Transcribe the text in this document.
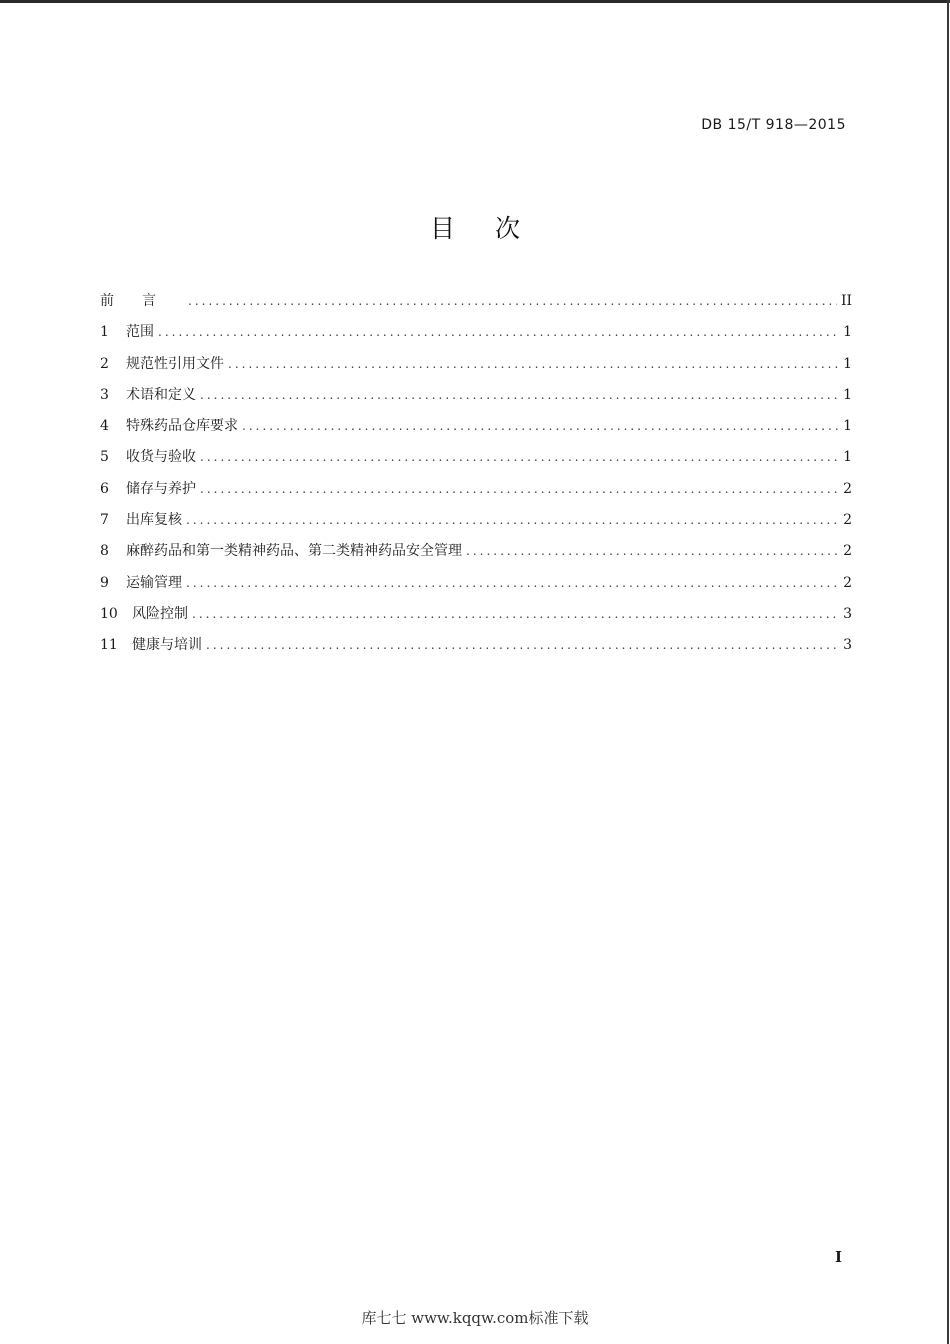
DB 15/T 918—2015
目次
前言 .....	II
1	范围 .....	1
2	规范性引用文件 .....	1
3	术语和定义 .....	1
4	特殊药品仓库要求 .....	1
5	收货与验收 .....	1
6	储存与养护 .....	2
7	出库复核 .....	2
8	麻醉药品和第一类精神药品、第二类精神药品安全管理 .....	2
9	运输管理 .....	2
10	风险控制 .....	3
11	健康与培训 .....	3
I
库七七 www.kqqw.com标准下载
